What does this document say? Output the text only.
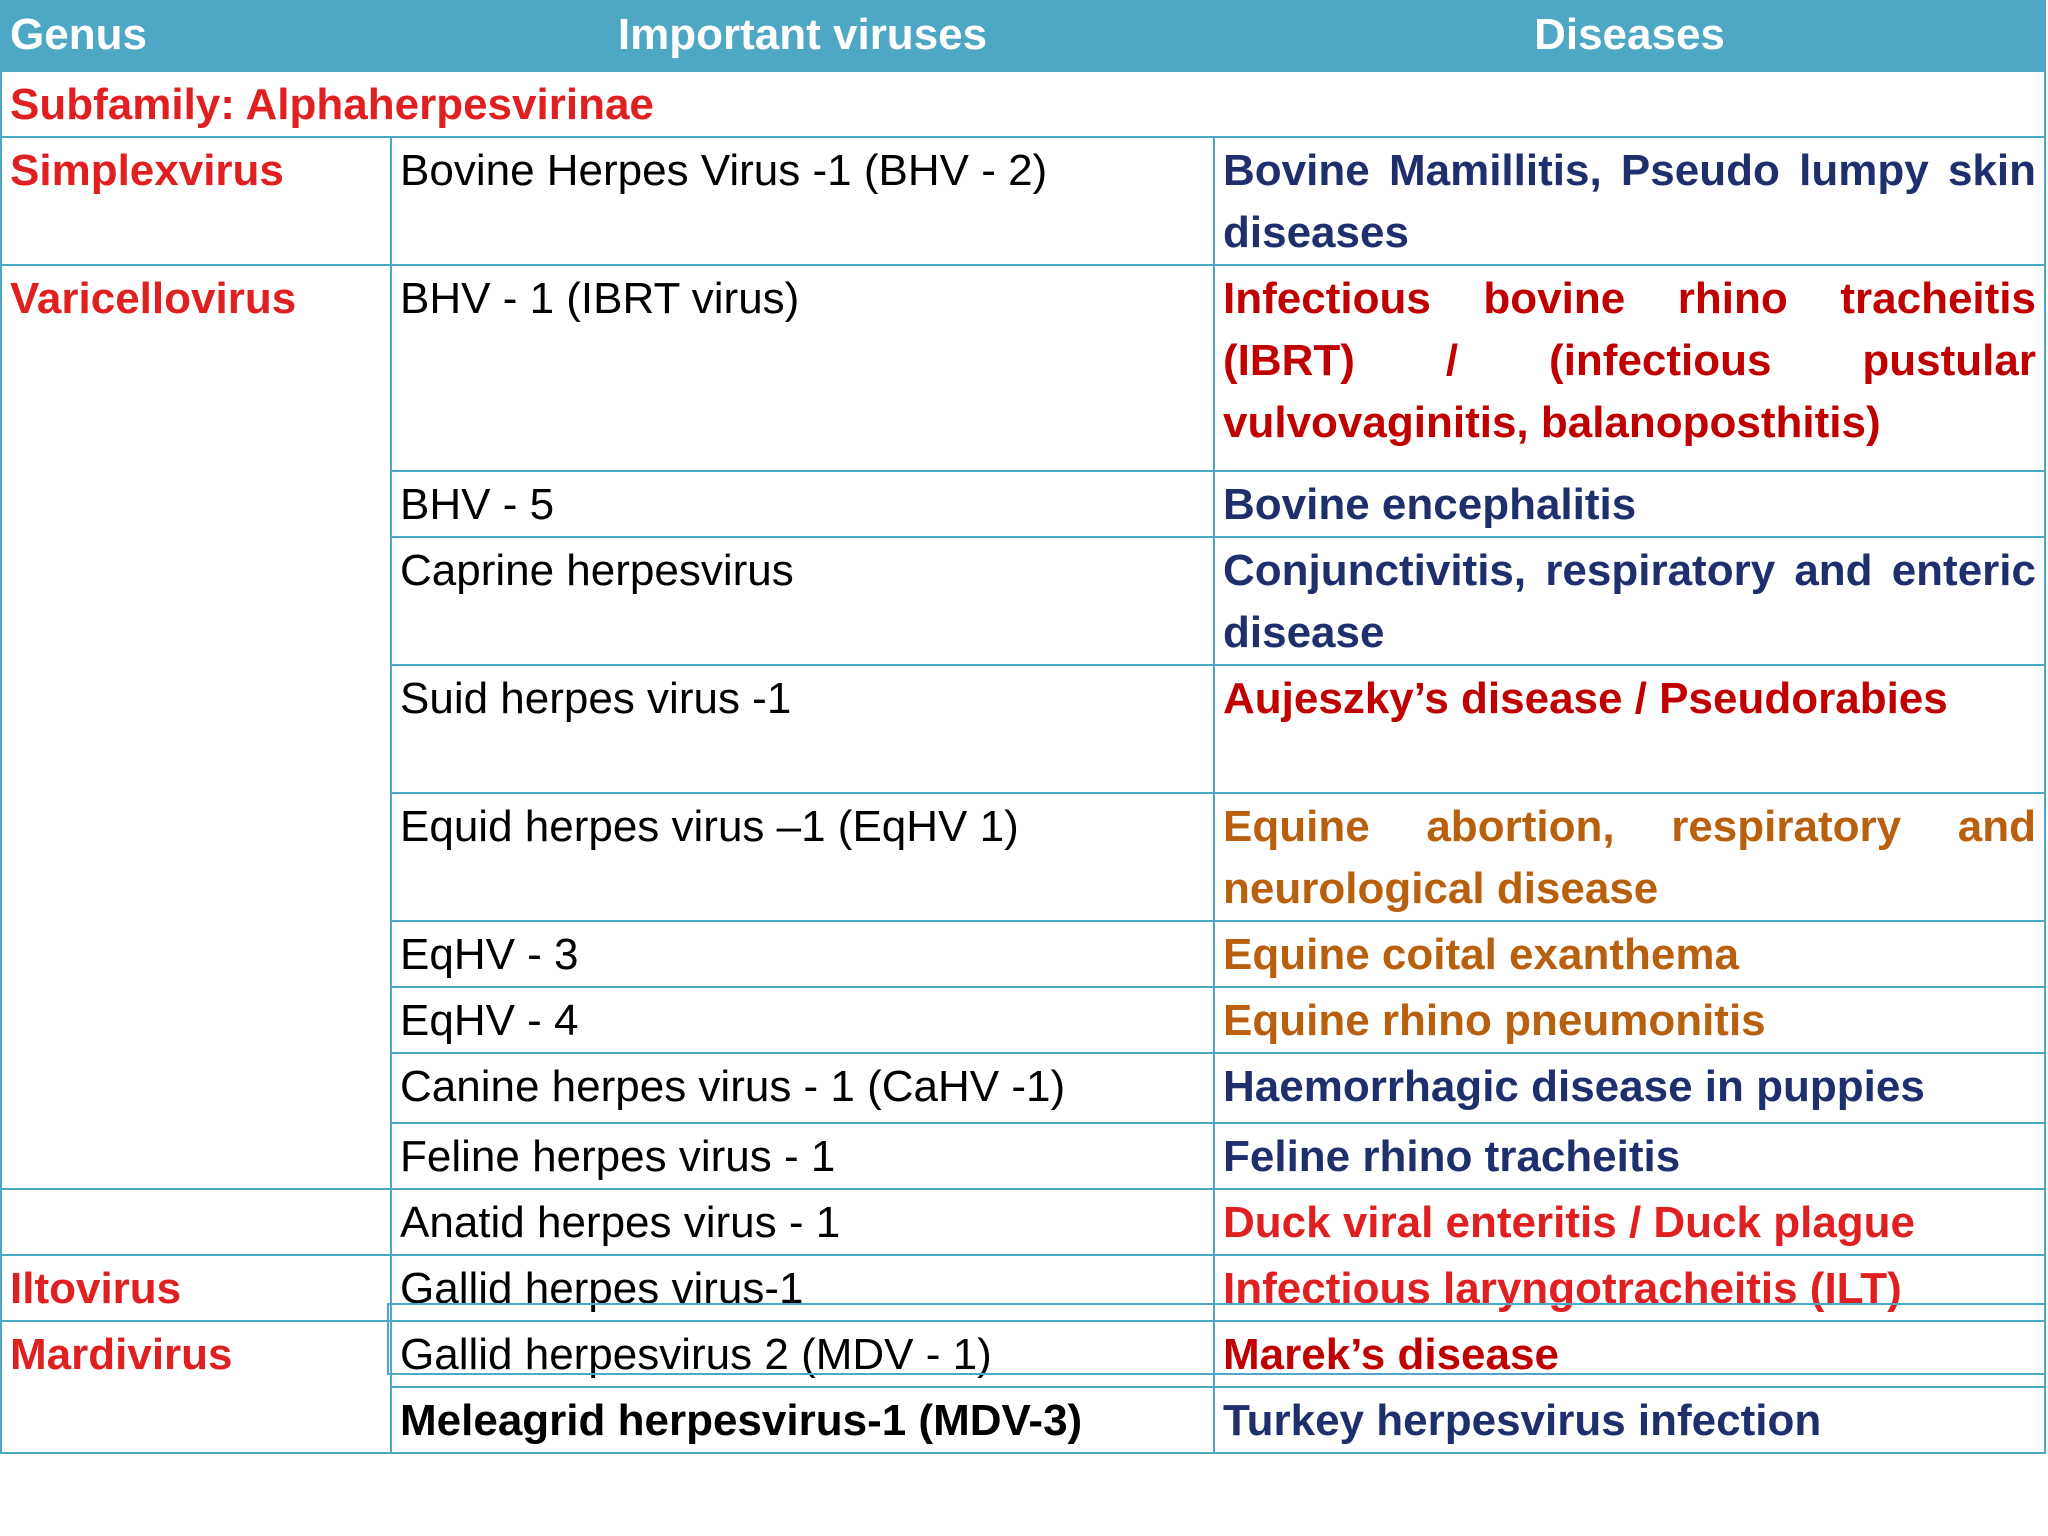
Genus	Important viruses	Diseases
Subfamily: Alphaherpesvirinae		
Simplexvirus	Bovine Herpes Virus -1 (BHV - 2)	Bovine Mamillitis, Pseudo lumpy skin diseases
Varicellovirus	BHV - 1 (IBRT virus)	Infectious bovine rhino tracheitis (IBRT) / (infectious pustular vulvovaginitis, balanoposthitis)
	BHV - 5	Bovine encephalitis
	Caprine herpesvirus	Conjunctivitis, respiratory and enteric disease
	Suid herpes virus -1	Aujeszky’s disease / Pseudorabies
	Equid herpes virus –1 (EqHV 1)	Equine abortion, respiratory and neurological disease
	EqHV - 3	Equine coital exanthema
	EqHV - 4	Equine rhino pneumonitis
	Canine herpes virus - 1 (CaHV -1)	Haemorrhagic disease in puppies
	Feline herpes virus - 1	Feline rhino tracheitis
	Anatid herpes virus - 1	Duck viral enteritis / Duck plague
Iltovirus	Gallid herpes virus-1	Infectious laryngotracheitis (ILT)
Mardivirus	Gallid herpesvirus 2 (MDV - 1)	Marek’s disease
	Meleagrid herpesvirus-1 (MDV-3)	Turkey herpesvirus infection
